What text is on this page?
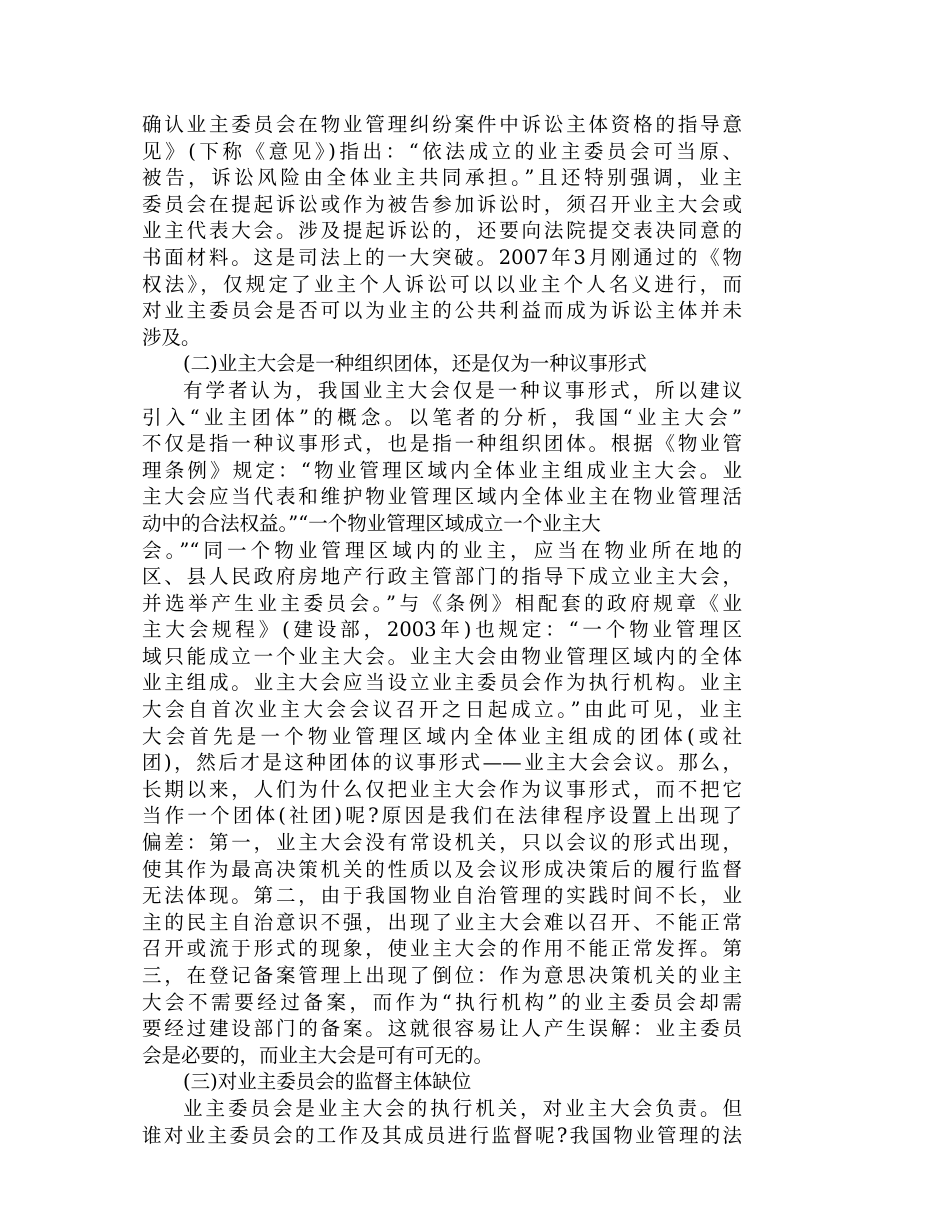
确认业主委员会在物业管理纠纷案件中诉讼主体资格的指导意
见》(下称《意见》)指出：“依法成立的业主委员会可当原、
被告，诉讼风险由全体业主共同承担。”且还特别强调，业主
委员会在提起诉讼或作为被告参加诉讼时，须召开业主大会或
业主代表大会。涉及提起诉讼的，还要向法院提交表决同意的
书面材料。这是司法上的一大突破。2007年3月刚通过的《物
权法》，仅规定了业主个人诉讼可以以业主个人名义进行，而
对业主委员会是否可以为业主的公共利益而成为诉讼主体并未
涉及。
(二)业主大会是一种组织团体，还是仅为一种议事形式
有学者认为，我国业主大会仅是一种议事形式，所以建议
引入“业主团体”的概念。以笔者的分析，我国“业主大会”
不仅是指一种议事形式，也是指一种组织团体。根据《物业管
理条例》规定：“物业管理区域内全体业主组成业主大会。业
主大会应当代表和维护物业管理区域内全体业主在物业管理活
动中的合法权益。”“一个物业管理区域成立一个业主大
会。”“同一个物业管理区域内的业主，应当在物业所在地的
区、县人民政府房地产行政主管部门的指导下成立业主大会，
并选举产生业主委员会。”与《条例》相配套的政府规章《业
主大会规程》(建设部，2003年)也规定：“一个物业管理区
域只能成立一个业主大会。业主大会由物业管理区域内的全体
业主组成。业主大会应当设立业主委员会作为执行机构。业主
大会自首次业主大会会议召开之日起成立。”由此可见，业主
大会首先是一个物业管理区域内全体业主组成的团体(或社
团)，然后才是这种团体的议事形式——业主大会会议。那么，
长期以来，人们为什么仅把业主大会作为议事形式，而不把它
当作一个团体(社团)呢?原因是我们在法律程序设置上出现了
偏差：第一，业主大会没有常设机关，只以会议的形式出现，
使其作为最高决策机关的性质以及会议形成决策后的履行监督
无法体现。第二，由于我国物业自治管理的实践时间不长，业
主的民主自治意识不强，出现了业主大会难以召开、不能正常
召开或流于形式的现象，使业主大会的作用不能正常发挥。第
三，在登记备案管理上出现了倒位：作为意思决策机关的业主
大会不需要经过备案，而作为“执行机构”的业主委员会却需
要经过建设部门的备案。这就很容易让人产生误解：业主委员
会是必要的，而业主大会是可有可无的。
(三)对业主委员会的监督主体缺位
业主委员会是业主大会的执行机关，对业主大会负责。但
谁对业主委员会的工作及其成员进行监督呢?我国物业管理的法
